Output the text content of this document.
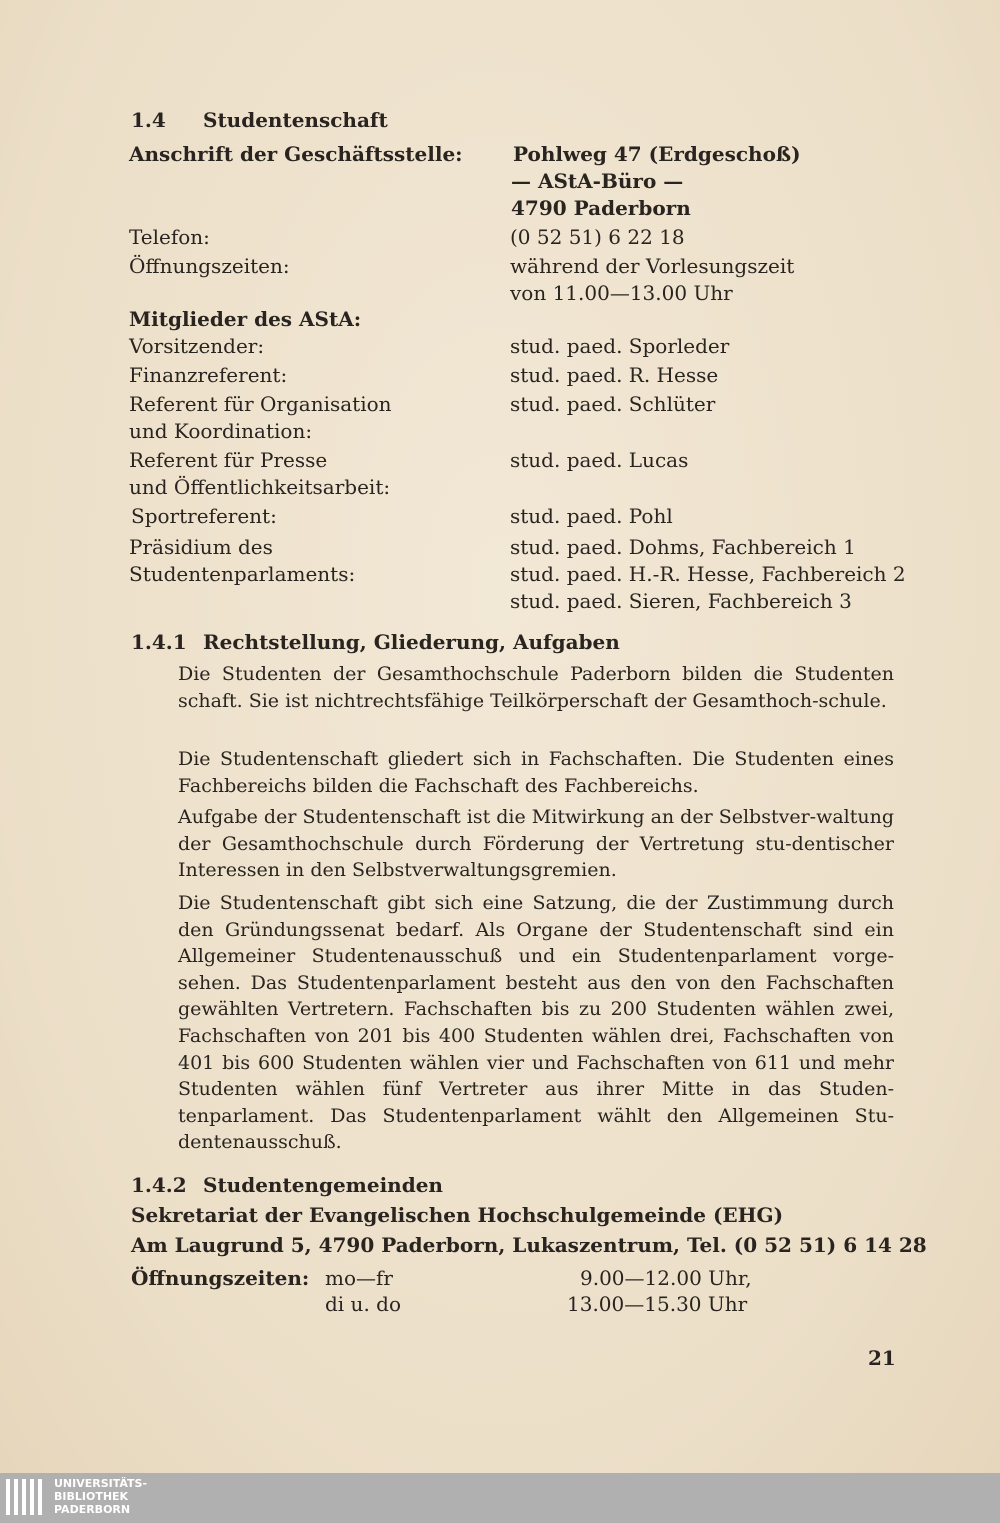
1.4 Studentenschaft
Anschrift der Geschäftsstelle:	Pohlweg 47 (Erdgeschoß)
— AStA-Büro —
4790 Paderborn
Telefon:	(0 52 51) 6 22 18
Öffnungszeiten:	während der Vorlesungszeit
von 11.00—13.00 Uhr
Mitglieder des AStA:
Vorsitzender:	stud. paed. Sporleder
Finanzreferent:	stud. paed. R. Hesse
Referent für Organisation	stud. paed. Schlüter
und Koordination:
Referent für Presse	stud. paed. Lucas
und Öffentlichkeitsarbeit:
Sportreferent:	stud. paed. Pohl
Präsidium des	stud. paed. Dohms, Fachbereich 1
Studentenparlaments:	stud. paed. H.-R. Hesse, Fachbereich 2
stud. paed. Sieren, Fachbereich 3
1.4.1 Rechtstellung, Gliederung, Aufgaben
Die Studenten der Gesamthochschule Paderborn bilden die Studenten schaft. Sie ist nichtrechtsfähige Teilkörperschaft der Gesamthoch-schule.
Die Studentenschaft gliedert sich in Fachschaften. Die Studenten eines Fachbereichs bilden die Fachschaft des Fachbereichs.
Aufgabe der Studentenschaft ist die Mitwirkung an der Selbstver-waltung der Gesamthochschule durch Förderung der Vertretung stu-dentischer Interessen in den Selbstverwaltungsgremien.
Die Studentenschaft gibt sich eine Satzung, die der Zustimmung durch den Gründungssenat bedarf. Als Organe der Studentenschaft sind ein Allgemeiner Studentenausschuß und ein Studentenparlament vorge-sehen. Das Studentenparlament besteht aus den von den Fachschaften gewählten Vertretern. Fachschaften bis zu 200 Studenten wählen zwei, Fachschaften von 201 bis 400 Studenten wählen drei, Fachschaften von 401 bis 600 Studenten wählen vier und Fachschaften von 611 und mehr Studenten wählen fünf Vertreter aus ihrer Mitte in das Studen-tenparlament. Das Studentenparlament wählt den Allgemeinen Stu-dentenausschuß.
1.4.2 Studentengemeinden
Sekretariat der Evangelischen Hochschulgemeinde (EHG)
Am Laugrund 5, 4790 Paderborn, Lukaszentrum, Tel. (0 52 51) 6 14 28
Öffnungszeiten: mo—fr	9.00—12.00 Uhr,
di u. do	13.00—15.30 Uhr
21
UNIVERSITÄTS-
BIBLIOTHEK
PADERBORN
